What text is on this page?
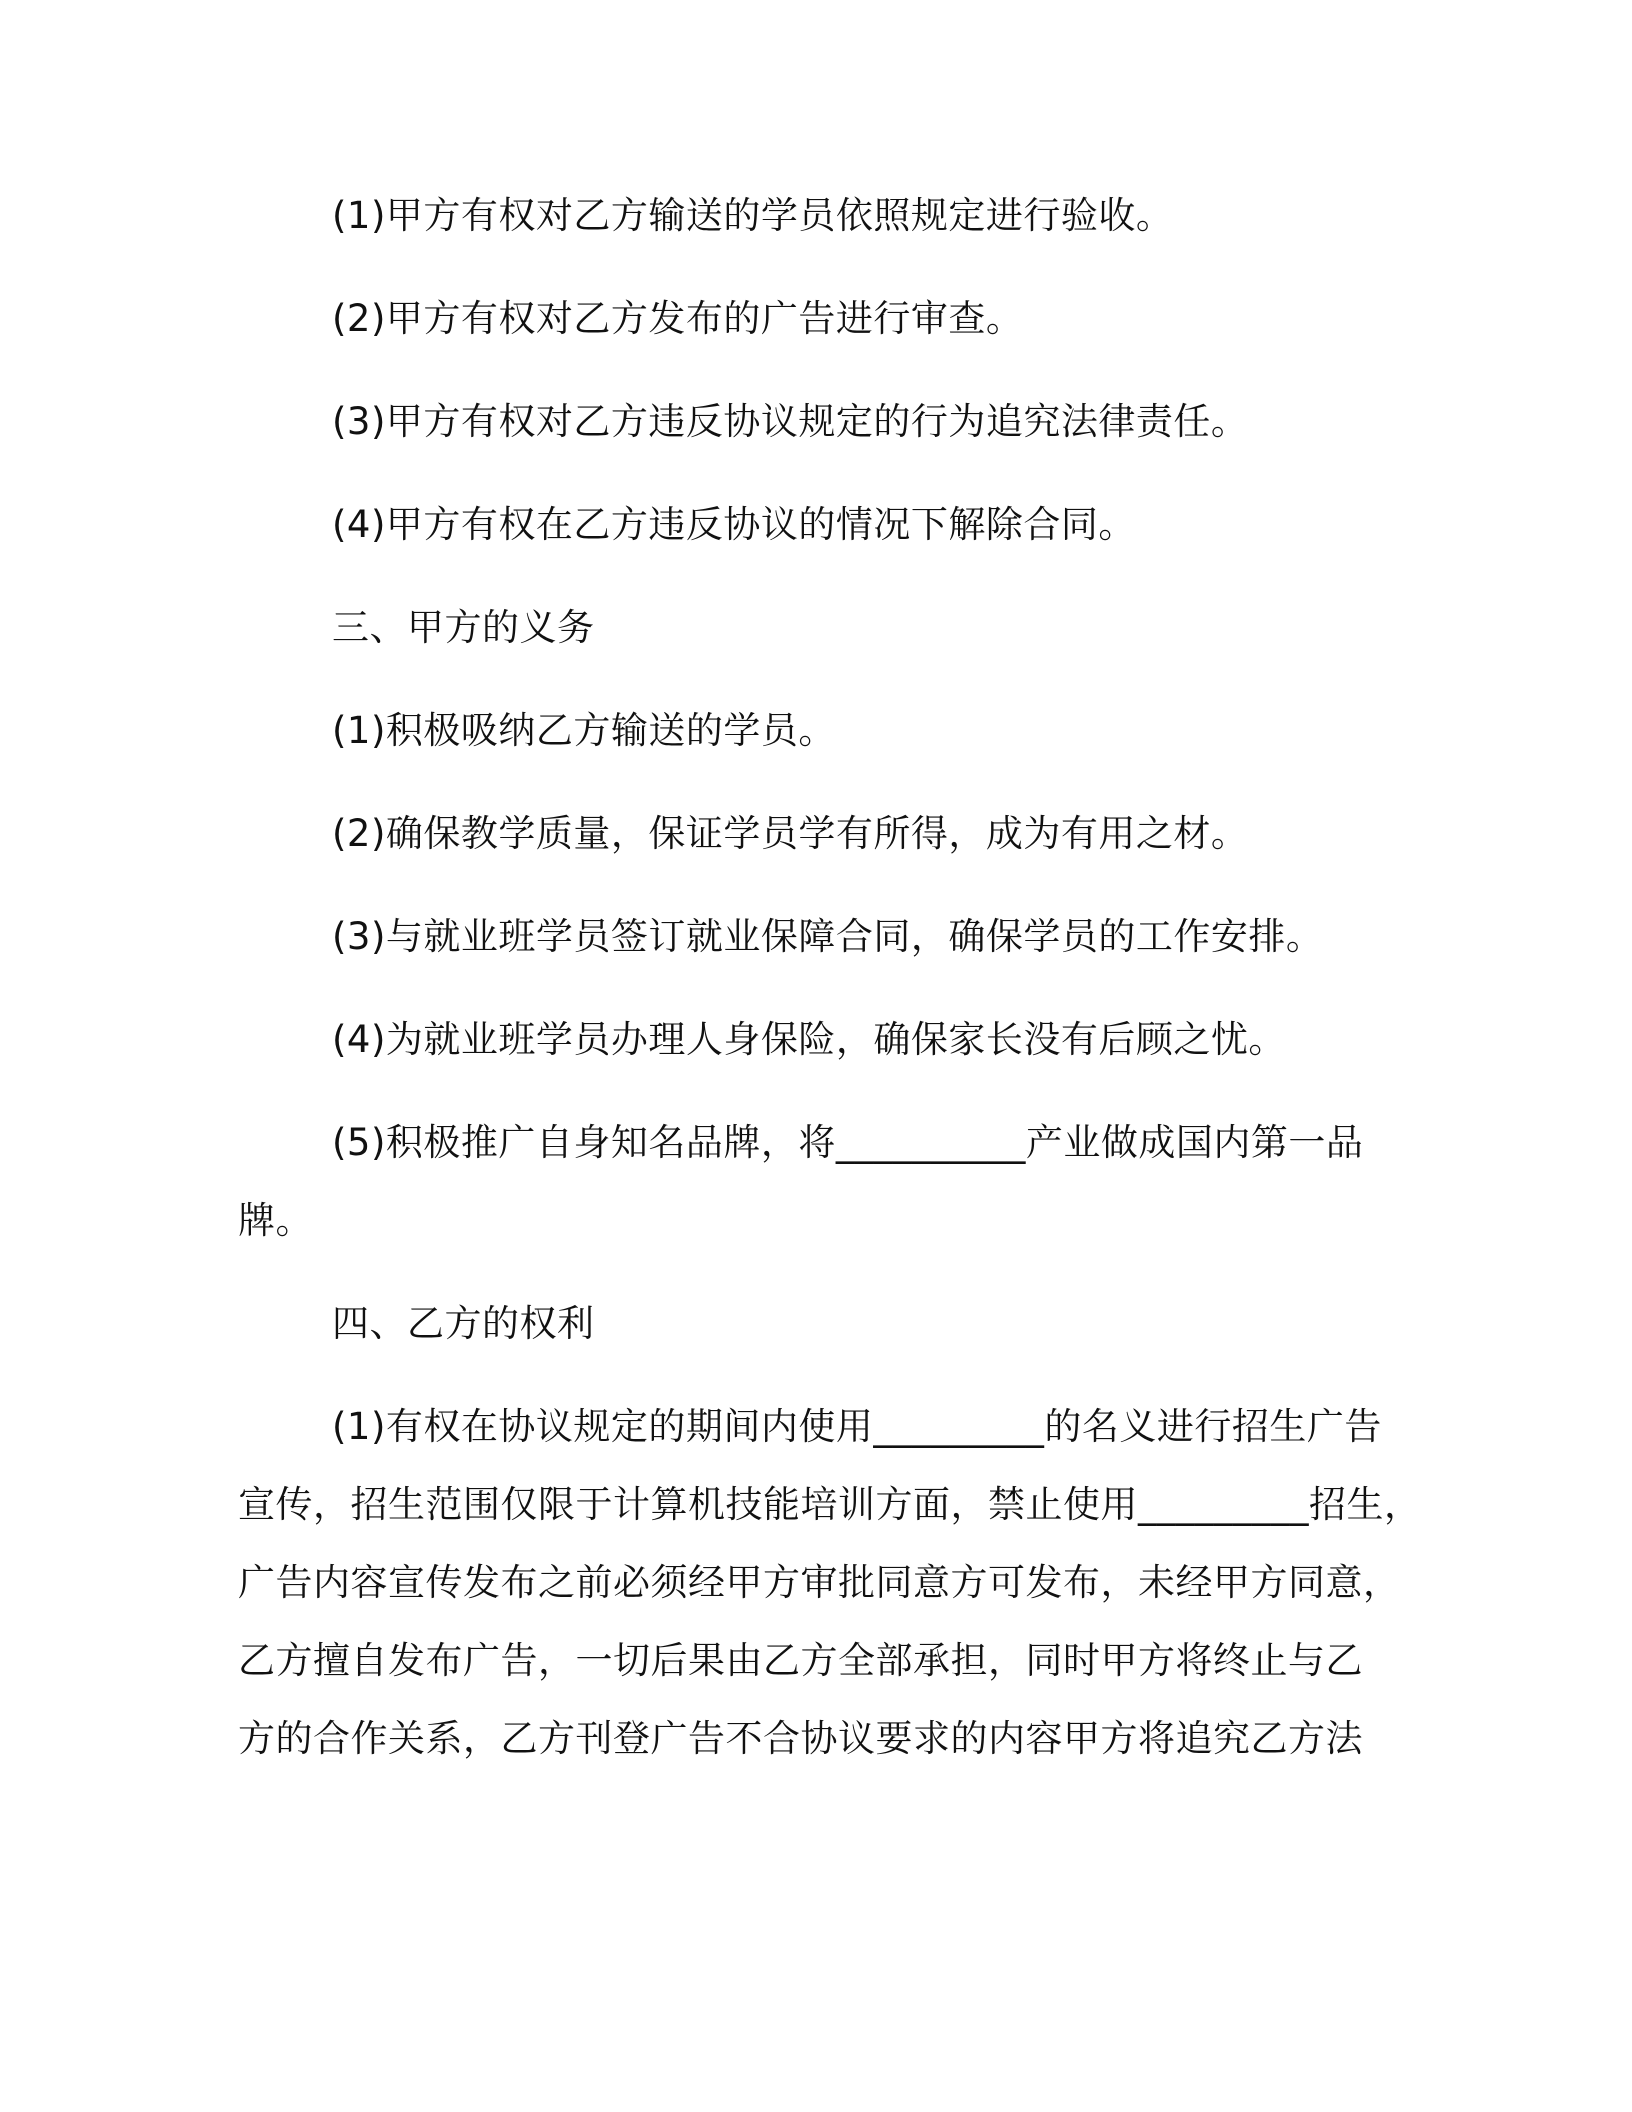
(1)甲方有权对乙方输送的学员依照规定进行验收。
(2)甲方有权对乙方发布的广告进行审查。
(3)甲方有权对乙方违反协议规定的行为追究法律责任。
(4)甲方有权在乙方违反协议的情况下解除合同。
三、甲方的义务
(1)积极吸纳乙方输送的学员。
(2)确保教学质量，保证学员学有所得，成为有用之材。
(3)与就业班学员签订就业保障合同，确保学员的工作安排。
(4)为就业班学员办理人身保险，确保家长没有后顾之忧。
(5)积极推广自身知名品牌，将__________产业做成国内第一品
牌。
四、乙方的权利
(1)有权在协议规定的期间内使用_________的名义进行招生广告
宣传，招生范围仅限于计算机技能培训方面，禁止使用_________招生，
广告内容宣传发布之前必须经甲方审批同意方可发布，未经甲方同意，
乙方擅自发布广告，一切后果由乙方全部承担，同时甲方将终止与乙
方的合作关系，乙方刊登广告不合协议要求的内容甲方将追究乙方法
